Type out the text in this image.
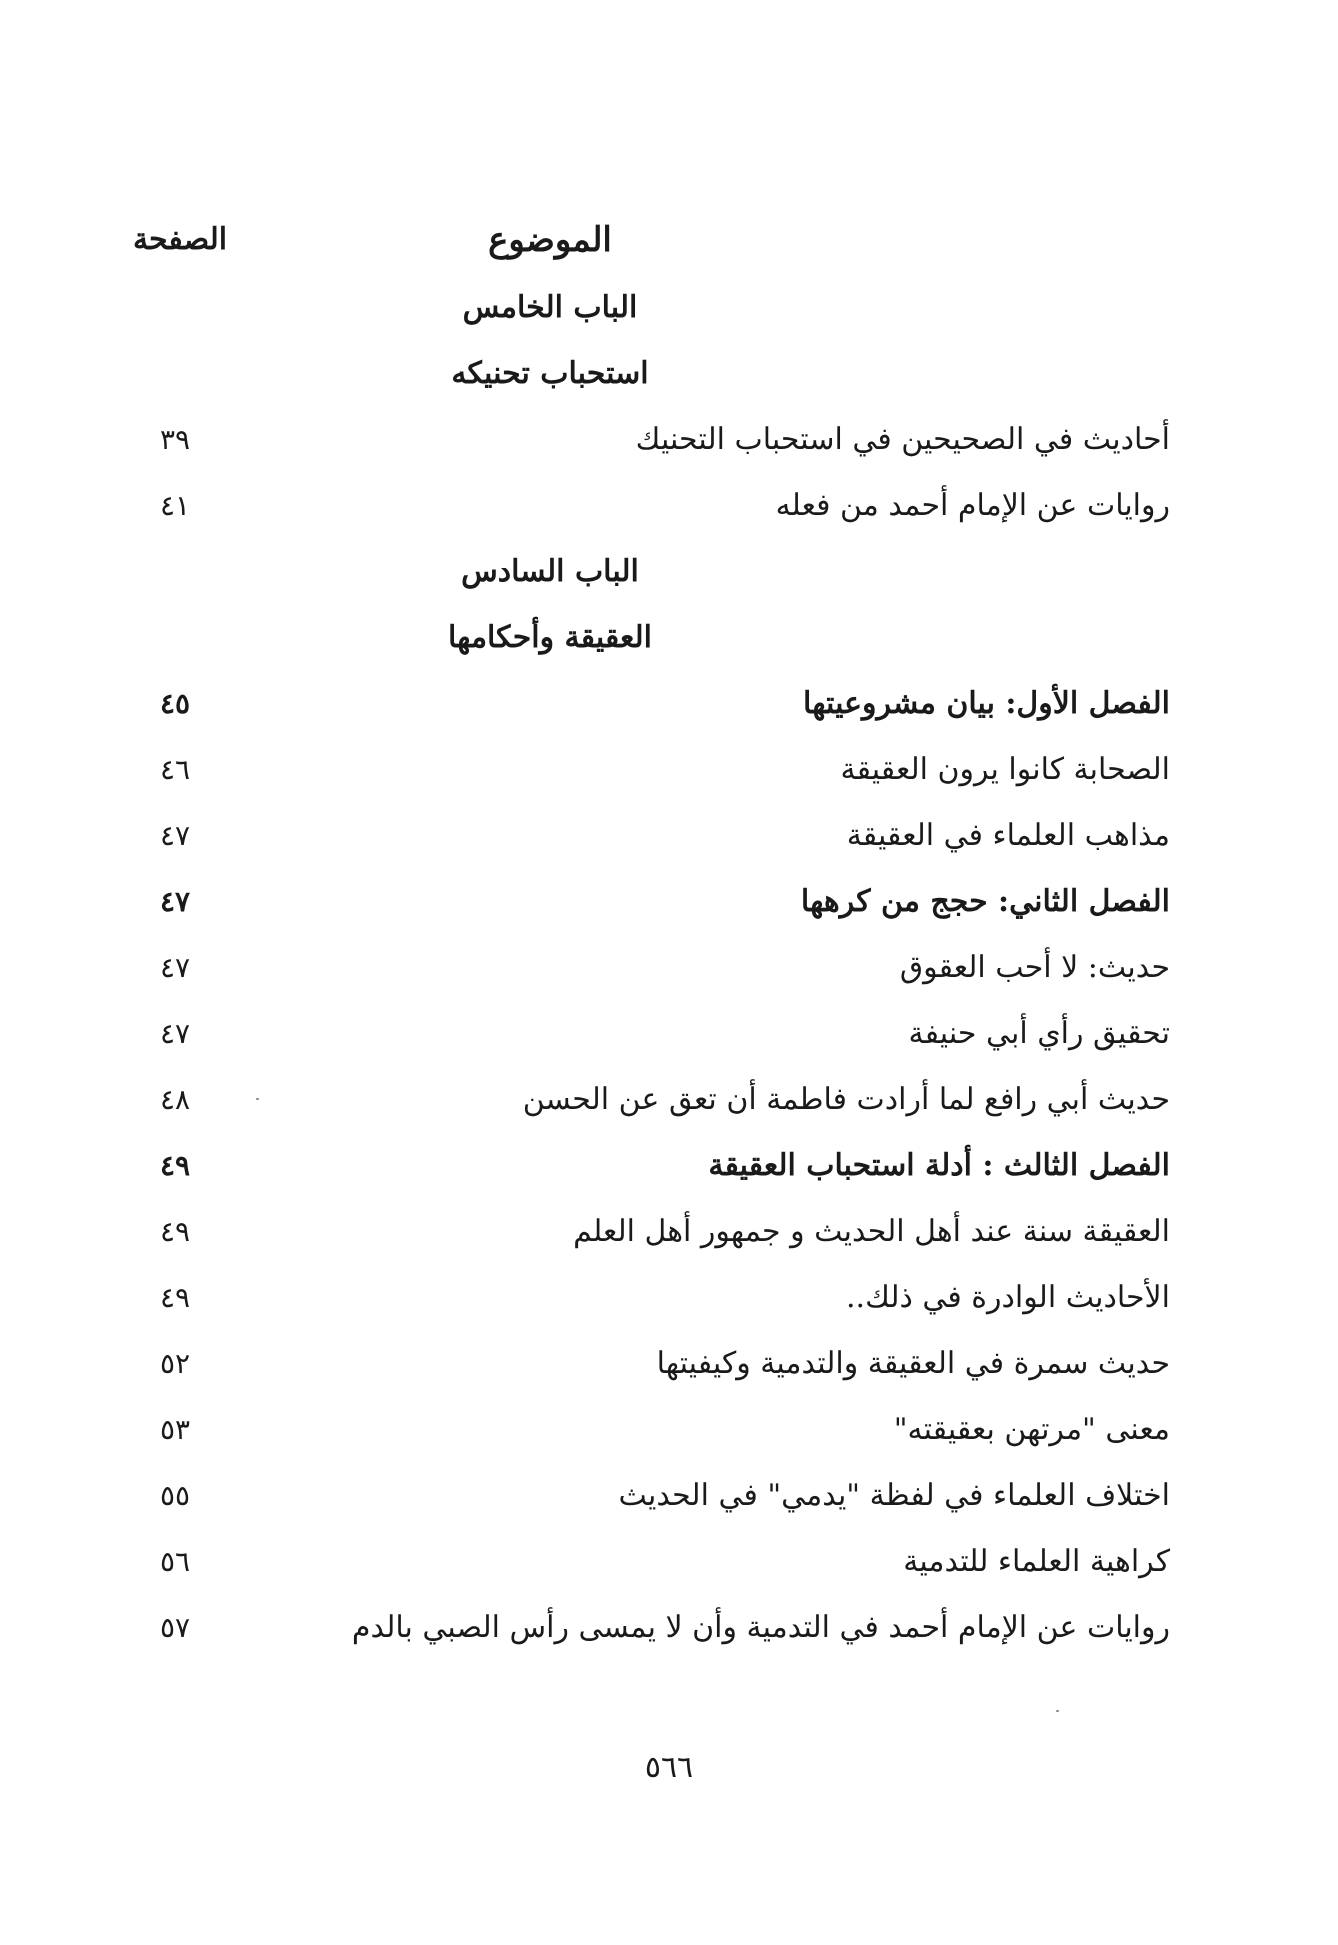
الموضوع
الصفحة
الباب الخامس
استحباب تحنيكه
أحاديث في الصحيحين في استحباب التحنيك
٣٩
روايات عن الإمام أحمد من فعله
٤١
الباب السادس
العقيقة وأحكامها
الفصل الأول: بيان مشروعيتها
٤٥
الصحابة كانوا يرون العقيقة
٤٦
مذاهب العلماء في العقيقة
٤٧
الفصل الثاني: حجج من كرهها
٤٧
حديث: لا أحب العقوق
٤٧
تحقيق رأي أبي حنيفة
٤٧
حديث أبي رافع لما أرادت فاطمة أن تعق عن الحسن
٤٨
الفصل الثالث : أدلة استحباب العقيقة
٤٩
العقيقة سنة عند أهل الحديث و جمهور أهل العلم
٤٩
الأحاديث الوادرة في ذلك..
٤٩
حديث سمرة في العقيقة والتدمية وكيفيتها
٥٢
معنى "مرتهن بعقيقته"
٥٣
اختلاف العلماء في لفظة "يدمي" في الحديث
٥٥
كراهية العلماء للتدمية
٥٦
روايات عن الإمام أحمد في التدمية وأن لا يمسى رأس الصبي بالدم
٥٧
٥٦٦
